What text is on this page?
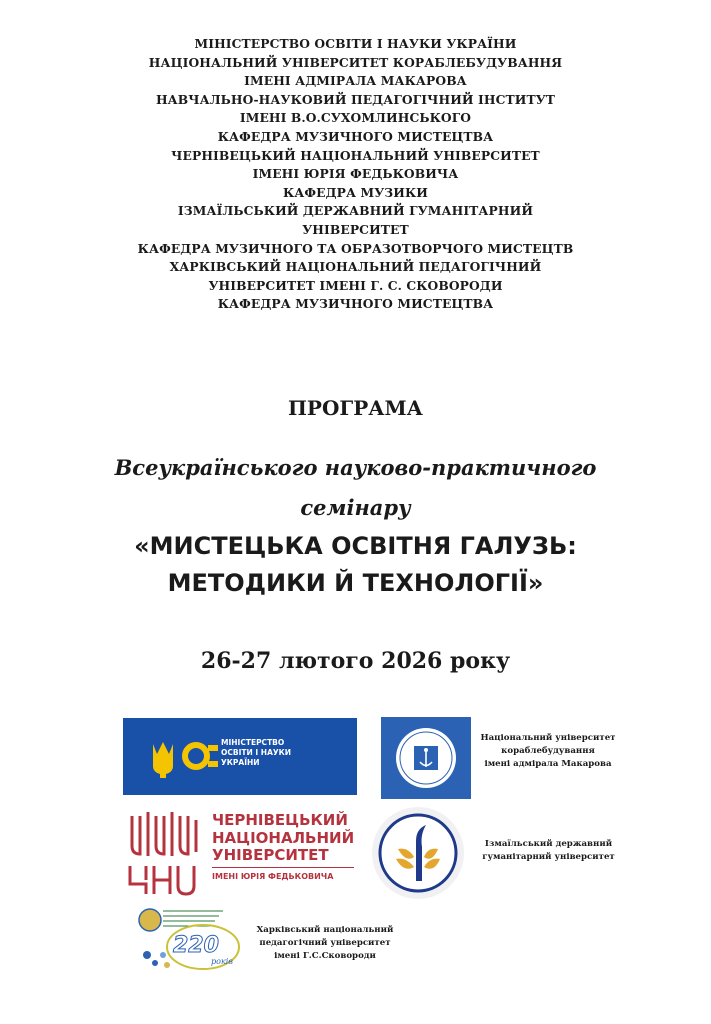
МІНІСТЕРСТВО ОСВІТИ І НАУКИ УКРАЇНИ
НАЦІОНАЛЬНИЙ УНІВЕРСИТЕТ КОРАБЛЕБУДУВАННЯ
ІМЕНІ АДМІРАЛА МАКАРОВА
НАВЧАЛЬНО-НАУКОВИЙ ПЕДАГОГІЧНИЙ ІНСТИТУТ
ІМЕНІ В.О.СУХОМЛИНСЬКОГО
КАФЕДРА МУЗИЧНОГО МИСТЕЦТВА
ЧЕРНІВЕЦЬКИЙ НАЦІОНАЛЬНИЙ УНІВЕРСИТЕТ
ІМЕНІ ЮРІЯ ФЕДЬКОВИЧА
КАФЕДРА МУЗИКИ
ІЗМАЇЛЬСЬКИЙ ДЕРЖАВНИЙ ГУМАНІТАРНИЙ
УНІВЕРСИТЕТ
КАФЕДРА МУЗИЧНОГО ТА ОБРАЗОТВОРЧОГО МИСТЕЦТВ
ХАРКІВСЬКИЙ НАЦІОНАЛЬНИЙ ПЕДАГОГІЧНИЙ
УНІВЕРСИТЕТ ІМЕНІ Г. С. СКОВОРОДИ
КАФЕДРА МУЗИЧНОГО МИСТЕЦТВА
ПРОГРАМА
Всеукраїнського науково-практичного
семінару
«МИСТЕЦЬКА ОСВІТНЯ ГАЛУЗЬ:
МЕТОДИКИ Й ТЕХНОЛОГІЇ»
26-27 лютого 2026 року
МІНІСТЕРСТВО
ОСВІТИ І НАУКИ
УКРАЇНИ
Національний університет
кораблебудування
імені адмірала Макарова
ЧЕРНІВЕЦЬКИЙ
НАЦІОНАЛЬНИЙ
УНІВЕРСИТЕТ
ІМЕНІ ЮРІЯ ФЕДЬКОВИЧА
Ізмаїльський державний
гуманітарний університет
220
років
Харківський національний
педагогічний університет
імені Г.С.Сковороди
